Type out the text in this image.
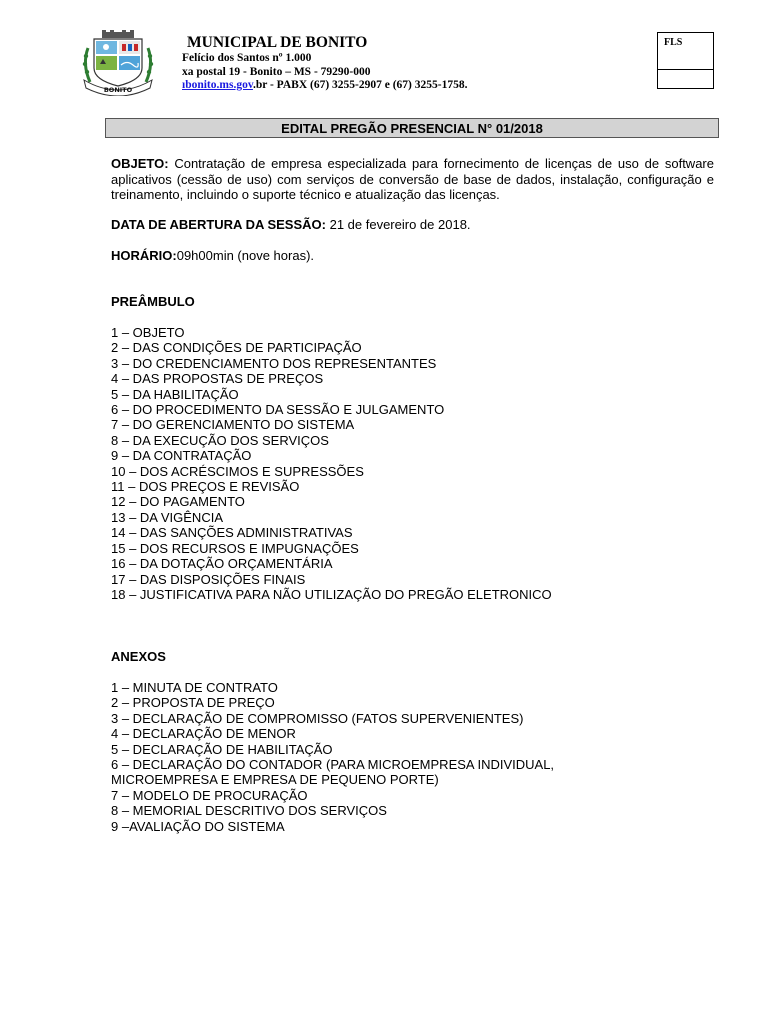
BONITO
MUNICIPAL DE BONITO
Felício dos Santos nº 1.000
xa postal 19 - Bonito – MS - 79290-000
ıbonito.ms.gov.br - PABX (67) 3255-2907 e (67) 3255-1758.
FLS
EDITAL PREGÃO PRESENCIAL N° 01/2018
OBJETO: Contratação de empresa especializada para fornecimento de licenças de uso de software aplicativos (cessão de uso) com serviços de conversão de base de dados, instalação, configuração e treinamento, incluindo o suporte técnico e atualização das licenças.
DATA DE ABERTURA DA SESSÃO: 21 de fevereiro de 2018.
HORÁRIO:09h00min (nove horas).
PREÂMBULO
1 – OBJETO
2 – DAS CONDIÇÕES DE PARTICIPAÇÃO
3 – DO CREDENCIAMENTO DOS REPRESENTANTES
4 – DAS PROPOSTAS DE PREÇOS
5 – DA HABILITAÇÃO
6 – DO PROCEDIMENTO DA SESSÃO E JULGAMENTO
7 – DO GERENCIAMENTO DO SISTEMA
8 – DA EXECUÇÃO DOS SERVIÇOS
9 – DA CONTRATAÇÃO
10 – DOS ACRÉSCIMOS E SUPRESSÕES
11 – DOS PREÇOS E REVISÃO
12 – DO PAGAMENTO
13 – DA VIGÊNCIA
14 – DAS SANÇÕES ADMINISTRATIVAS
15 – DOS RECURSOS E IMPUGNAÇÕES
16 – DA DOTAÇÃO ORÇAMENTÁRIA
17 – DAS DISPOSIÇÕES FINAIS
18 – JUSTIFICATIVA PARA NÃO UTILIZAÇÃO DO PREGÃO ELETRONICO
ANEXOS
1 – MINUTA DE CONTRATO
2 – PROPOSTA DE PREÇO
3 – DECLARAÇÃO DE COMPROMISSO (FATOS SUPERVENIENTES)
4 – DECLARAÇÃO DE MENOR
5 – DECLARAÇÃO DE HABILITAÇÃO
6 – DECLARAÇÃO DO CONTADOR (PARA MICROEMPRESA INDIVIDUAL,
MICROEMPRESA E EMPRESA DE PEQUENO PORTE)
7 – MODELO DE PROCURAÇÃO
8 – MEMORIAL DESCRITIVO DOS SERVIÇOS
9 –AVALIAÇÃO DO SISTEMA
